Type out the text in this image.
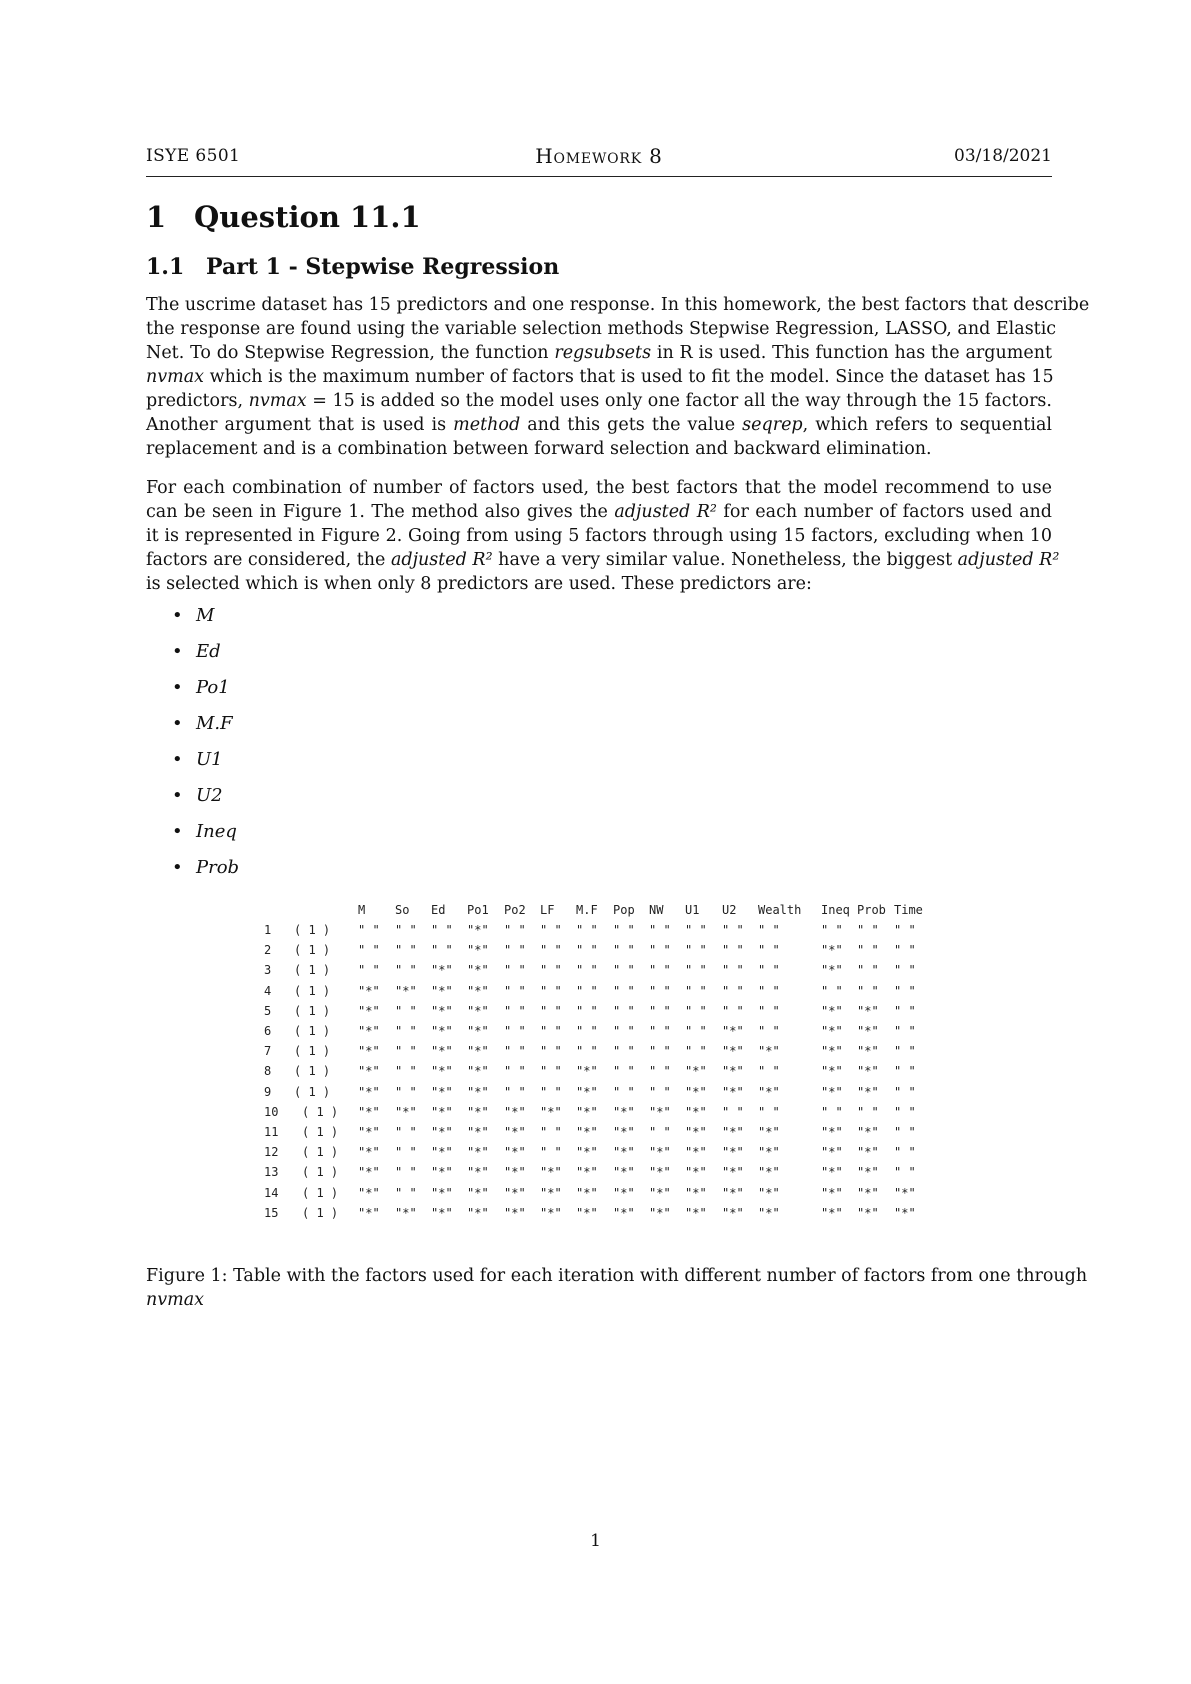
ISYE 6501	Homework 8	03/18/2021
1 Question 11.1
1.1 Part 1 - Stepwise Regression
The uscrime dataset has 15 predictors and one response. In this homework, the best factors that describe
the response are found using the variable selection methods Stepwise Regression, LASSO, and Elastic
Net. To do Stepwise Regression, the function regsubsets in R is used. This function has the argument
nvmax which is the maximum number of factors that is used to fit the model. Since the dataset has 15
predictors, nvmax = 15 is added so the model uses only one factor all the way through the 15 factors.
Another argument that is used is method and this gets the value seqrep, which refers to sequential
replacement and is a combination between forward selection and backward elimination.
For each combination of number of factors used, the best factors that the model recommend to use
can be seen in Figure 1. The method also gives the adjusted R² for each number of factors used and
it is represented in Figure 2. Going from using 5 factors through using 15 factors, excluding when 10
factors are considered, the adjusted R² have a very similar value. Nonetheless, the biggest adjusted R²
is selected which is when only 8 predictors are used. These predictors are:
• M
• Ed
• Po1
• M.F
• U1
• U2
• Ineq
• Prob
M So Ed Po1 Po2 LF M.F Pop NW U1 U2 Wealth Ineq Prob Time
1 ( 1 ) " " " " " " "*" " " " " " " " " " " " " " " " "	" " " " " "
2 ( 1 ) " " " " " " "*" " " " " " " " " " " " " " " " "	"*" " " " "
3 ( 1 ) " " " " "*" "*" " " " " " " " " " " " " " " " "	"*" " " " "
4 ( 1 ) "*" "*" "*" "*" " " " " " " " " " " " " " " " "	" " " " " "
5 ( 1 ) "*" " " "*" "*" " " " " " " " " " " " " " " " "	"*" "*" " "
6 ( 1 ) "*" " " "*" "*" " " " " " " " " " " " " "*" " "	"*" "*" " "
7 ( 1 ) "*" " " "*" "*" " " " " " " " " " " " " "*" "*"	"*" "*" " "
8 ( 1 ) "*" " " "*" "*" " " " " "*" " " " " "*" "*" " "	"*" "*" " "
9 ( 1 ) "*" " " "*" "*" " " " " "*" " " " " "*" "*" "*"	"*" "*" " "
10 ( 1 ) "*" "*" "*" "*" "*" "*" "*" "*" "*" "*" " " " "	" " " " " "
11 ( 1 ) "*" " " "*" "*" "*" " " "*" "*" " " "*" "*" "*"	"*" "*" " "
12 ( 1 ) "*" " " "*" "*" "*" " " "*" "*" "*" "*" "*" "*"	"*" "*" " "
13 ( 1 ) "*" " " "*" "*" "*" "*" "*" "*" "*" "*" "*" "*"	"*" "*" " "
14 ( 1 ) "*" " " "*" "*" "*" "*" "*" "*" "*" "*" "*" "*"	"*" "*" "*"
15 ( 1 ) "*" "*" "*" "*" "*" "*" "*" "*" "*" "*" "*" "*"	"*" "*" "*"
Figure 1: Table with the factors used for each iteration with different number of factors from one through
nvmax
1
